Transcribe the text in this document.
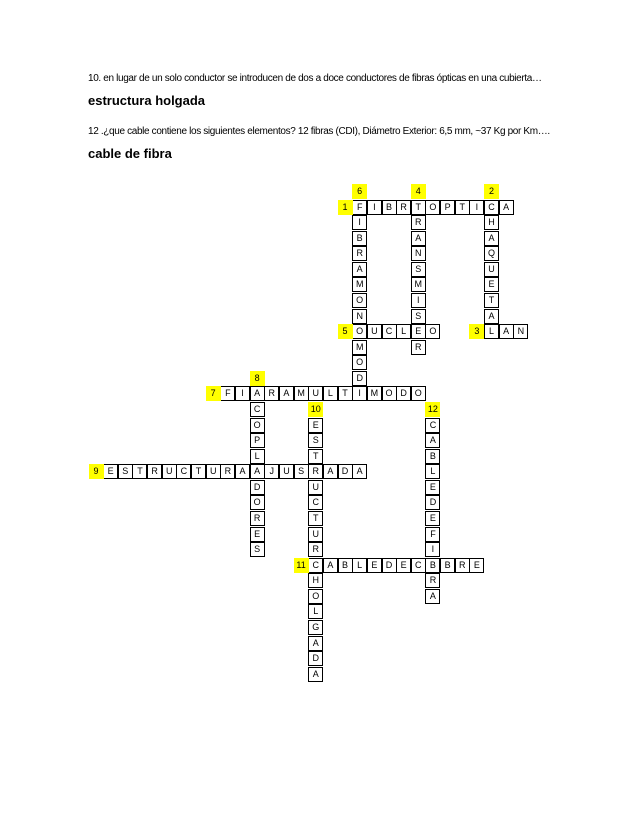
10. en lugar de un solo conductor se introducen de dos a doce conductores de fibras ópticas en una cubierta… estructura holgada
12 .¿que cable contiene los siguientes elementos? 12 fibras (CDI), Diámetro Exterior: 6,5 mm, ~37 Kg por Km…. cable de fibra
F	I	B R T O P T	I	C A
H
A
Q
U
E
T
A
L	A N
R
A
N
S
M
I
S
E
R
O U C L	O
I
B
R
A
M
O
N
M
O
D
I
F	I	A R A M U L	T	M O D O
C
O
P
L
A
D
O
R
E
S
E S T R U C T U R A	J	U S R A D A
E
S
T
U
C
T
U
R
C
H
O
L
G
A
D
A
A B	L	E D E C B B R E
C
A
B
L
E
D
E
F
I
R
A
1
2
3
4
5
6
7
8
9
10
11
12
